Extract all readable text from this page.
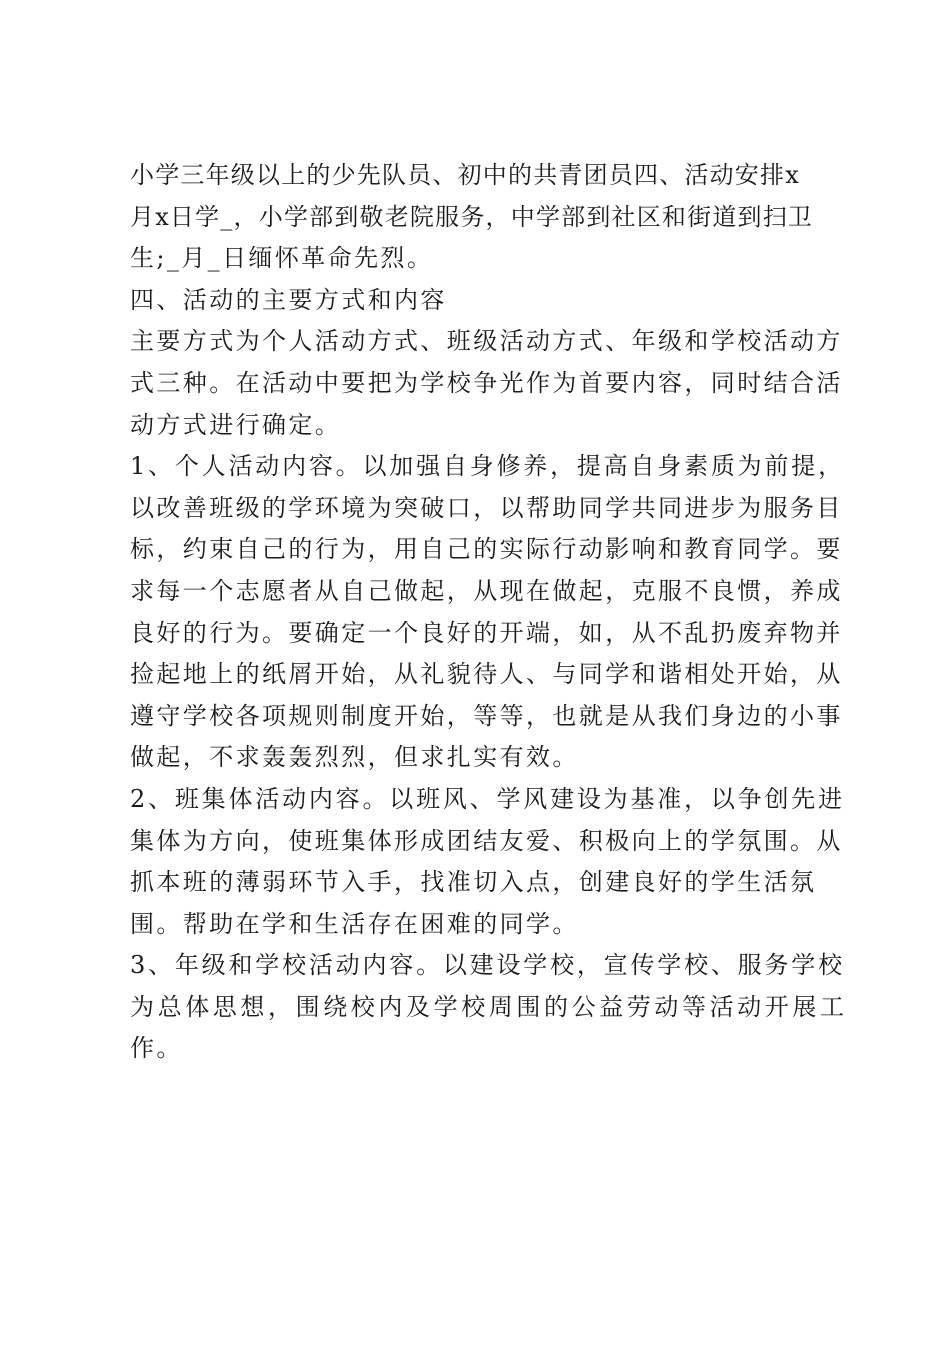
小学三年级以上的少先队员、初中的共青团员四、活动安排x
月x日学_，小学部到敬老院服务，中学部到社区和街道到扫卫
生;_月_日缅怀革命先烈。
四、活动的主要方式和内容
主要方式为个人活动方式、班级活动方式、年级和学校活动方
式三种。在活动中要把为学校争光作为首要内容，同时结合活
动方式进行确定。
1、个人活动内容。以加强自身修养，提高自身素质为前提，
以改善班级的学环境为突破口，以帮助同学共同进步为服务目
标，约束自己的行为，用自己的实际行动影响和教育同学。要
求每一个志愿者从自己做起，从现在做起，克服不良惯，养成
良好的行为。要确定一个良好的开端，如，从不乱扔废弃物并
捡起地上的纸屑开始，从礼貌待人、与同学和谐相处开始，从
遵守学校各项规则制度开始，等等，也就是从我们身边的小事
做起，不求轰轰烈烈，但求扎实有效。
2、班集体活动内容。以班风、学风建设为基准，以争创先进
集体为方向，使班集体形成团结友爱、积极向上的学氛围。从
抓本班的薄弱环节入手，找准切入点，创建良好的学生活氛
围。帮助在学和生活存在困难的同学。
3、年级和学校活动内容。以建设学校，宣传学校、服务学校
为总体思想，围绕校内及学校周围的公益劳动等活动开展工
作。
